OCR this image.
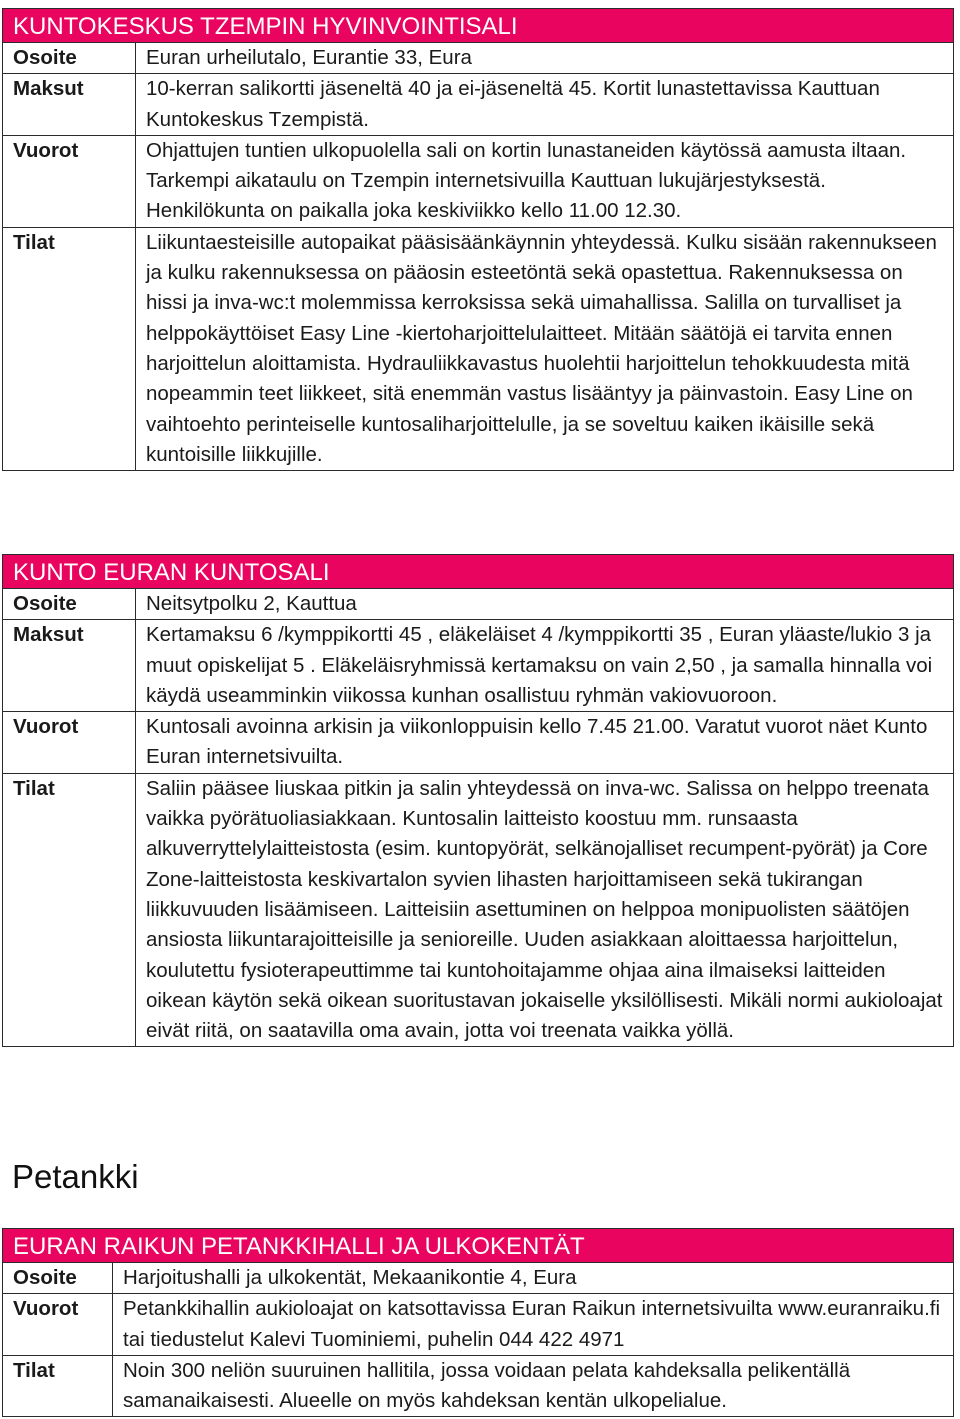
KUNTOKESKUS TZEMPIN HYVINVOINTISALI	
Osoite	Euran urheilutalo, Eurantie 33, Eura
Maksut	10-kerran salikortti jäseneltä 40 ja ei-jäseneltä 45. Kortit lunastettavissa Kauttuan Kuntokeskus Tzempistä.
Vuorot	Ohjattujen tuntien ulkopuolella sali on kortin lunastaneiden käytössä aamusta iltaan. Tarkempi aikataulu on Tzempin internetsivuilla Kauttuan lukujärjestyksestä. Henkilökunta on paikalla joka keskiviikko kello 11.00 12.30.
Tilat	Liikuntaesteisille autopaikat pääsisäänkäynnin yhteydessä. Kulku sisään rakennukseen ja kulku rakennuksessa on pääosin esteetöntä sekä opastettua. Rakennuksessa on hissi ja inva-wc:t molemmissa kerroksissa sekä uimahallissa. Salilla on turvalliset ja helppokäyttöiset Easy Line -kiertoharjoittelulaitteet. Mitään säätöjä ei tarvita ennen harjoittelun aloittamista. Hydrauliikkavastus huolehtii harjoittelun tehokkuudesta mitä nopeammin teet liikkeet, sitä enemmän vastus lisääntyy ja päinvastoin. Easy Line on vaihtoehto perinteiselle kuntosaliharjoittelulle, ja se soveltuu kaiken ikäisille sekä kuntoisille liikkujille.
KUNTO EURAN KUNTOSALI	
Osoite	Neitsytpolku 2, Kauttua
Maksut	Kertamaksu 6 /kymppikortti 45 , eläkeläiset 4 /kymppikortti 35 , Euran yläaste/lukio 3 ja muut opiskelijat 5 . Eläkeläisryhmissä kertamaksu on vain 2,50 , ja samalla hinnalla voi käydä useamminkin viikossa kunhan osallistuu ryhmän vakiovuoroon.
Vuorot	Kuntosali avoinna arkisin ja viikonloppuisin kello 7.45 21.00. Varatut vuorot näet Kunto Euran internetsivuilta.
Tilat	Saliin pääsee liuskaa pitkin ja salin yhteydessä on inva-wc. Salissa on helppo treenata vaikka pyörätuoliasiakkaan. Kuntosalin laitteisto koostuu mm. runsaasta alkuverryttelylaitteistosta (esim. kuntopyörät, selkänojalliset recumpent-pyörät) ja Core Zone-laitteistosta keskivartalon syvien lihasten harjoittamiseen sekä tukirangan liikkuvuuden lisäämiseen. Laitteisiin asettuminen on helppoa monipuolisten säätöjen ansiosta liikuntarajoitteisille ja senioreille. Uuden asiakkaan aloittaessa harjoittelun, koulutettu fysioterapeuttimme tai kuntohoitajamme ohjaa aina ilmaiseksi laitteiden oikean käytön sekä oikean suoritustavan jokaiselle yksilöllisesti. Mikäli normi aukioloajat eivät riitä, on saatavilla oma avain, jotta voi treenata vaikka yöllä.
Petankki
EURAN RAIKUN PETANKKIHALLI JA ULKOKENTÄT	
Osoite	Harjoitushalli ja ulkokentät, Mekaanikontie 4, Eura
Vuorot	Petankkihallin aukioloajat on katsottavissa Euran Raikun internetsivuilta www.euranraiku.fi tai tiedustelut Kalevi Tuominiemi, puhelin 044 422 4971
Tilat	Noin 300 neliön suuruinen hallitila, jossa voidaan pelata kahdeksalla pelikentällä samanaikaisesti. Alueelle on myös kahdeksan kentän ulkopelialue.
